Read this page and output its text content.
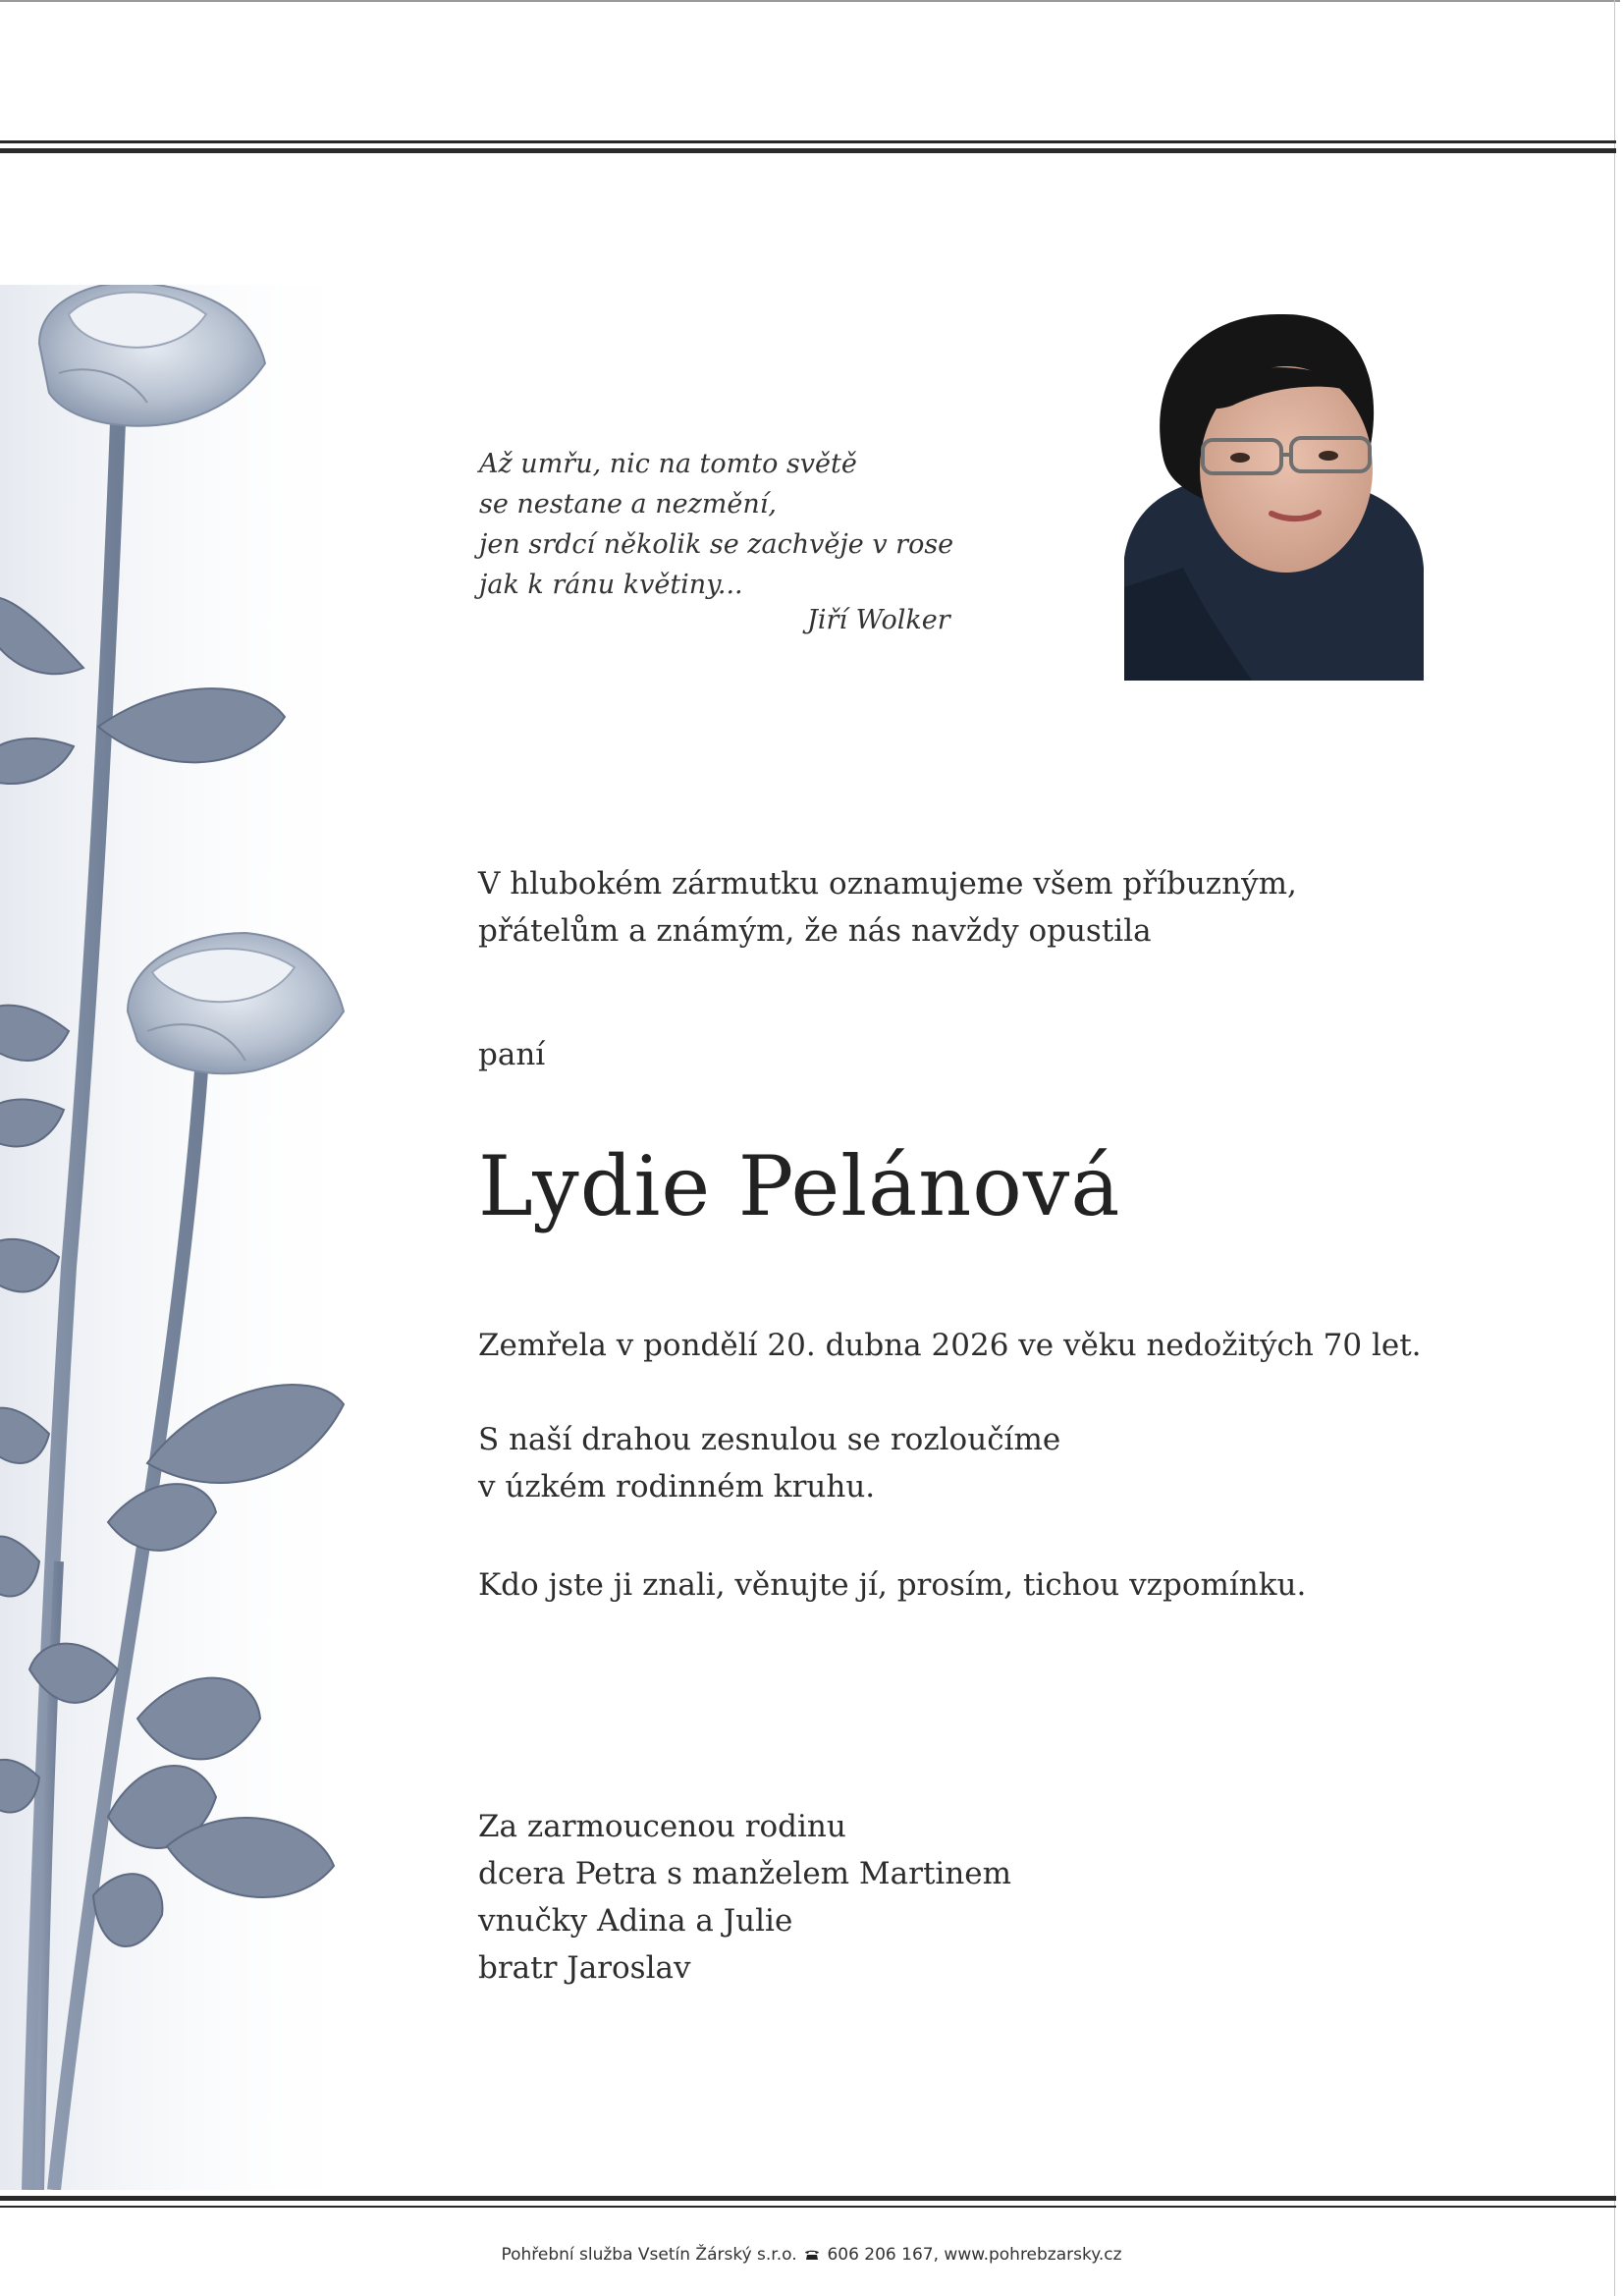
Až umřu, nic na tomto světě
se nestane a nezmění,
jen srdcí několik se zachvěje v rose
jak k ránu květiny...
Jiří Wolker
V hlubokém zármutku oznamujeme všem příbuzným,
přátelům a známým, že nás navždy opustila
paní
Lydie Pelánová
Zemřela v pondělí 20. dubna 2026 ve věku nedožitých 70 let.
S naší drahou zesnulou se rozloučíme
v úzkém rodinném kruhu.
Kdo jste ji znali, věnujte jí, prosím, tichou vzpomínku.
Za zarmoucenou rodinu
dcera Petra s manželem Martinem
vnučky Adina a Julie
bratr Jaroslav
Pohřební služba Vsetín Žárský s.r.o. 606 206 167, www.pohrebzarsky.cz
